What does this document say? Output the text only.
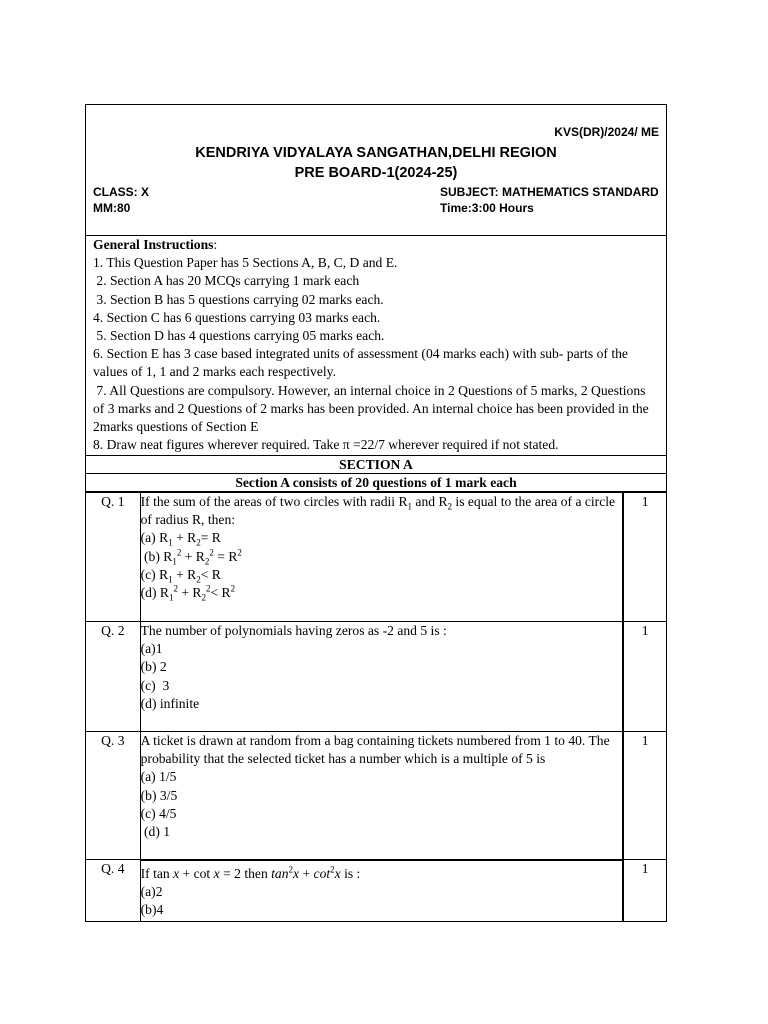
KVS(DR)/2024/ ME
KENDRIYA VIDYALAYA SANGATHAN,DELHI REGION
PRE BOARD-1(2024-25)
CLASS: X
MM:80
SUBJECT: MATHEMATICS STANDARD
Time:3:00 Hours

General Instructions:

1. This Question Paper has 5 Sections A, B, C, D and E.

2. Section A has 20 MCQs carrying 1 mark each

3. Section B has 5 questions carrying 02 marks each.

4. Section C has 6 questions carrying 03 marks each.

5. Section D has 4 questions carrying 05 marks each.

6. Section E has 3 case based integrated units of assessment (04 marks each) with sub- parts of the values of 1, 1 and 2 marks each respectively.

7. All Questions are compulsory. However, an internal choice in 2 Questions of 5 marks, 2 Questions of 3 marks and 2 Questions of 2 marks has been provided. An internal choice has been provided in the 2marks questions of Section E

8. Draw neat figures wherever required. Take π =22/7 wherever required if not stated.

SECTION A
Section A consists of 20 questions of 1 mark each
Q. 1	If the sum of the areas of two circles with radii $R_1$ and $R_2$ is equal to the area of a circle of radius R, then:

(a) $R_1 + R_2= R$

(b) $R_1^2 + R_2^2 = R^2$

(c) $R_1 + R_2< R$

(d) $R_1^2 + R_2^2< R^2$	1
Q. 2	The number of polynomials having zeros as -2 and 5 is :

(a)1

(b) 2

(c)  3

(d) infinite	1
Q. 3	A ticket is drawn at random from a bag containing tickets numbered from 1 to 40. The probability that the selected ticket has a number which is a multiple of 5 is

(a) 1/5

(b) 3/5

(c) 4/5

(d) 1	1
Q. 4	If tan x + cot x = 2 then $\tan^2x + \cot^2x$ is :

(a)2

(b)4	1
